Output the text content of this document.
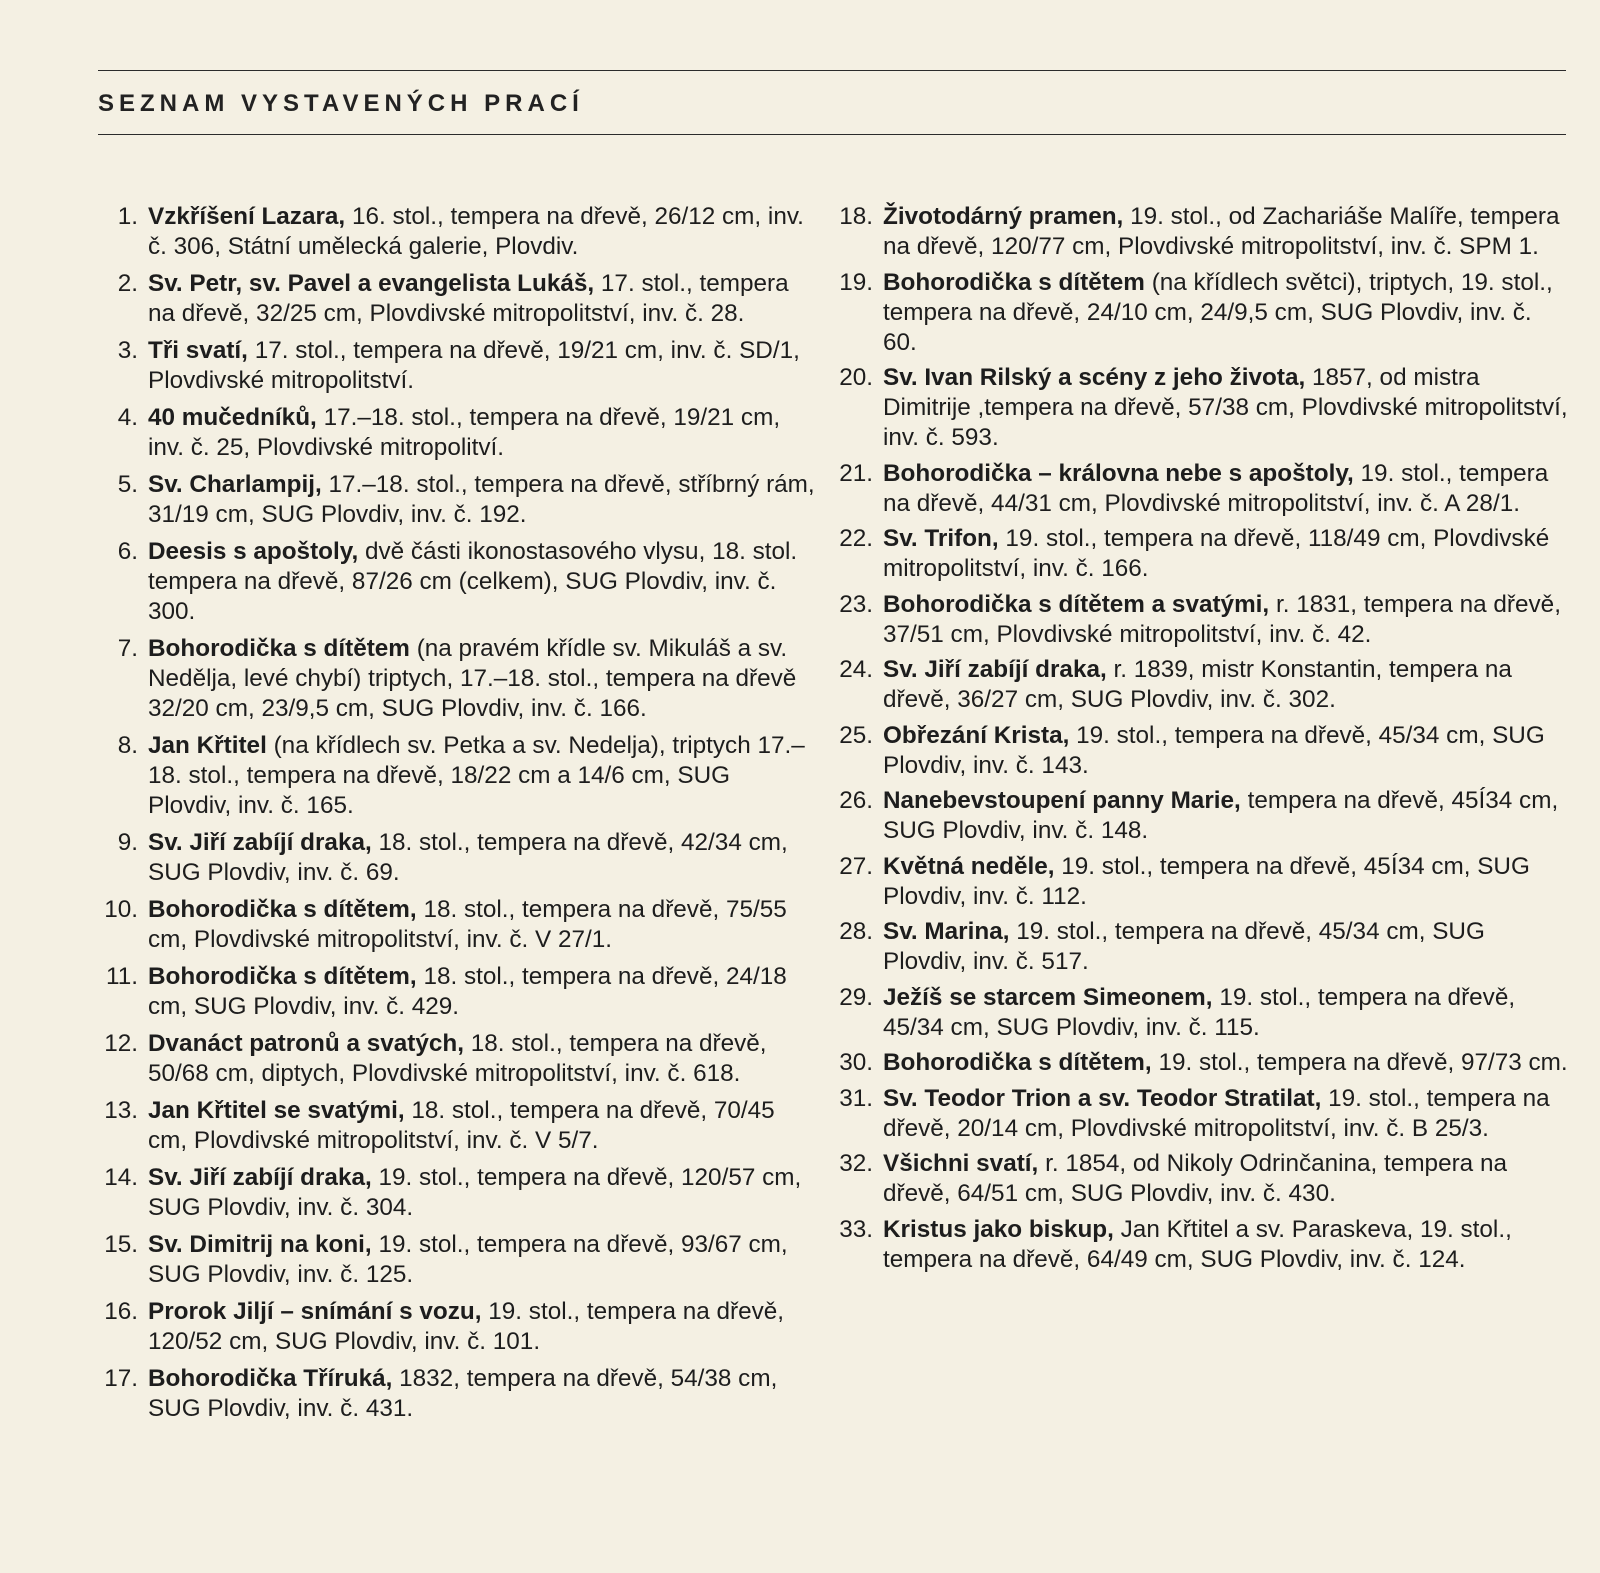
SEZNAM VYSTAVENÝCH PRACÍ
1. Vzkříšení Lazara, 16. stol., tempera na dřevě, 26/12 cm, inv. č. 306, Státní umělecká galerie, Plovdiv.
2. Sv. Petr, sv. Pavel a evangelista Lukáš, 17. stol., tempera na dřevě, 32/25 cm, Plovdivské mitropolitství, inv. č. 28.
3. Tři svatí, 17. stol., tempera na dřevě, 19/21 cm, inv. č. SD/1, Plovdivské mitropolitství.
4. 40 mučedníků, 17.–18. stol., tempera na dřevě, 19/21 cm, inv. č. 25, Plovdivské mitropolitví.
5. Sv. Charlampij, 17.–18. stol., tempera na dřevě, stříbrný rám, 31/19 cm, SUG Plovdiv, inv. č. 192.
6. Deesis s apoštoly, dvě části ikonostasového vlysu, 18. stol. tempera na dřevě, 87/26 cm (celkem), SUG Plovdiv, inv. č. 300.
7. Bohorodička s dítětem (na pravém křídle sv. Mikuláš a sv. Nedělja, levé chybí) triptych, 17.–18. stol., tempera na dřevě 32/20 cm, 23/9,5 cm, SUG Plovdiv, inv. č. 166.
8. Jan Křtitel (na křídlech sv. Petka a sv. Nedelja), triptych 17.–18. stol., tempera na dřevě, 18/22 cm a 14/6 cm, SUG Plovdiv, inv. č. 165.
9. Sv. Jiří zabíjí draka, 18. stol., tempera na dřevě, 42/34 cm, SUG Plovdiv, inv. č. 69.
10. Bohorodička s dítětem, 18. stol., tempera na dřevě, 75/55 cm, Plovdivské mitropolitství, inv. č. V 27/1.
11. Bohorodička s dítětem, 18. stol., tempera na dřevě, 24/18 cm, SUG Plovdiv, inv. č. 429.
12. Dvanáct patronů a svatých, 18. stol., tempera na dřevě, 50/68 cm, diptych, Plovdivské mitropolitství, inv. č. 618.
13. Jan Křtitel se svatými, 18. stol., tempera na dřevě, 70/45 cm, Plovdivské mitropolitství, inv. č. V 5/7.
14. Sv. Jiří zabíjí draka, 19. stol., tempera na dřevě, 120/57 cm, SUG Plovdiv, inv. č. 304.
15. Sv. Dimitrij na koni, 19. stol., tempera na dřevě, 93/67 cm, SUG Plovdiv, inv. č. 125.
16. Prorok Jiljí – snímání s vozu, 19. stol., tempera na dřevě, 120/52 cm, SUG Plovdiv, inv. č. 101.
17. Bohorodička Tříruká, 1832, tempera na dřevě, 54/38 cm, SUG Plovdiv, inv. č. 431.
18. Životodárný pramen, 19. stol., od Zachariáše Malíře, tempera na dřevě, 120/77 cm, Plovdivské mitropolitství, inv. č. SPM 1.
19. Bohorodička s dítětem (na křídlech světci), triptych, 19. stol., tempera na dřevě, 24/10 cm, 24/9,5 cm, SUG Plovdiv, inv. č. 60.
20. Sv. Ivan Rilský a scény z jeho života, 1857, od mistra Dimitrije ,tempera na dřevě, 57/38 cm, Plovdivské mitropolitství, inv. č. 593.
21. Bohorodička – královna nebe s apoštoly, 19. stol., tempera na dřevě, 44/31 cm, Plovdivské mitropolitství, inv. č. A 28/1.
22. Sv. Trifon, 19. stol., tempera na dřevě, 118/49 cm, Plovdivské mitropolitství, inv. č. 166.
23. Bohorodička s dítětem a svatými, r. 1831, tempera na dřevě, 37/51 cm, Plovdivské mitropolitství, inv. č. 42.
24. Sv. Jiří zabíjí draka, r. 1839, mistr Konstantin, tempera na dřevě, 36/27 cm, SUG Plovdiv, inv. č. 302.
25. Obřezání Krista, 19. stol., tempera na dřevě, 45/34 cm, SUG Plovdiv, inv. č. 143.
26. Nanebevstoupení panny Marie, tempera na dřevě, 45Í34 cm, SUG Plovdiv, inv. č. 148.
27. Květná neděle, 19. stol., tempera na dřevě, 45Í34 cm, SUG Plovdiv, inv. č. 112.
28. Sv. Marina, 19. stol., tempera na dřevě, 45/34 cm, SUG Plovdiv, inv. č. 517.
29. Ježíš se starcem Simeonem, 19. stol., tempera na dřevě, 45/34 cm, SUG Plovdiv, inv. č. 115.
30. Bohorodička s dítětem, 19. stol., tempera na dřevě, 97/73 cm.
31. Sv. Teodor Trion a sv. Teodor Stratilat, 19. stol., tempera na dřevě, 20/14 cm, Plovdivské mitropolitství, inv. č. B 25/3.
32. Všichni svatí, r. 1854, od Nikoly Odrinčanina, tempera na dřevě, 64/51 cm, SUG Plovdiv, inv. č. 430.
33. Kristus jako biskup, Jan Křtitel a sv. Paraskeva, 19. stol., tempera na dřevě, 64/49 cm, SUG Plovdiv, inv. č. 124.
